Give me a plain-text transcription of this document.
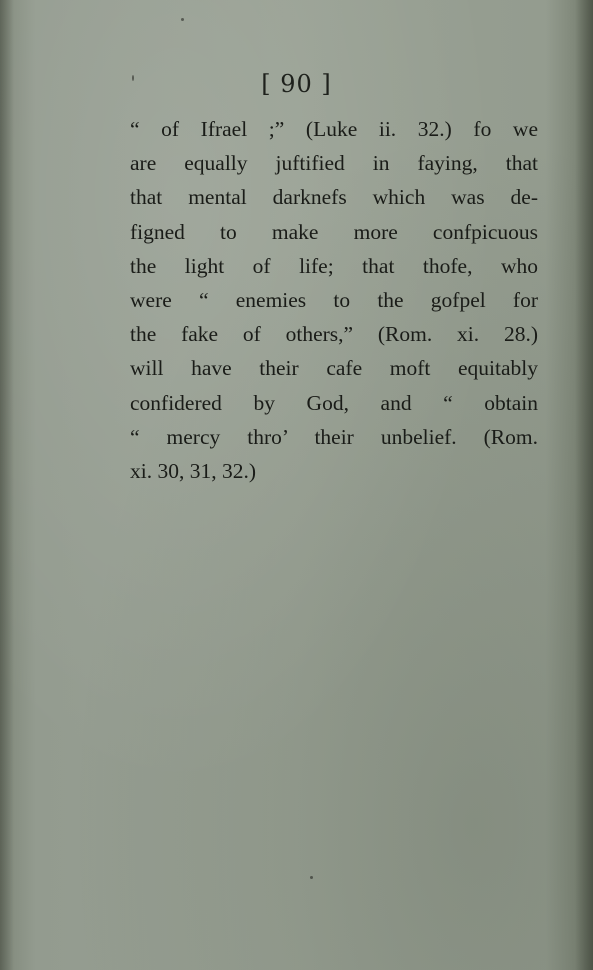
[ 90 ]
“ of Ifrael ;” (Luke ii. 32.) fo we
are equally juftified in faying, that
that mental darknefs which was de-
figned to make more confpicuous
the light of life; that thofe, who
were “ enemies to the gofpel for
the fake of others,” (Rom. xi. 28.)
will have their cafe moft equitably
confidered by God, and “ obtain
“ mercy thro’ their unbelief. (Rom.
xi. 30, 31, 32.)
